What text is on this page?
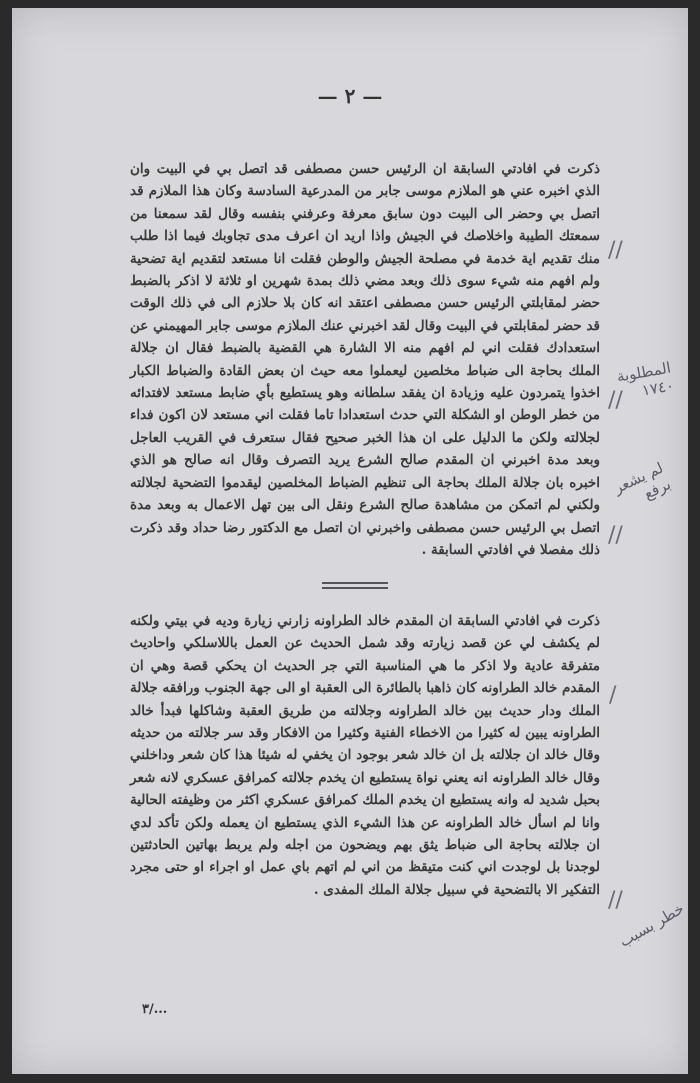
— ٢ —

ذكرت في افادتي السابقة ان الرئيس حسن مصطفى قد اتصل بي في البيت وان الذي اخبره عني هو الملازم موسى جابر من المدرعية السادسة وكان هذا الملازم قد اتصل بي وحضر الى البيت دون سابق معرفة وعرفني بنفسه وقال لقد سمعنا من سمعتك الطيبة واخلاصك في الجيش واذا اريد ان اعرف مدى تجاوبك فيما اذا طلب منك تقديم اية خدمة في مصلحة الجيش والوطن فقلت انا مستعد لتقديم اية تضحية ولم افهم منه شيء سوى ذلك وبعد مضي ذلك بمدة شهرين او ثلاثة لا اذكر بالضبط حضر لمقابلتي الرئيس حسن مصطفى اعتقد انه كان بلا حلازم الى في ذلك الوقت قد حضر لمقابلتي في البيت وقال لقد اخبرني عنك الملازم موسى جابر المهيمني عن استعدادك فقلت اني لم افهم منه الا الشارة هي القضية بالضبط فقال ان جلالة الملك بحاجة الى ضباط مخلصين ليعملوا معه حيث ان بعض القادة والضباط الكبار اخذوا يتمردون عليه وزيادة ان يفقد سلطانه وهو يستطيع بأي ضابط مستعد لافتدائه من خطر الوطن او الشكلة التي حدث استعدادا تاما فقلت اني مستعد لان اكون فداء لجلالته ولكن ما الدليل على ان هذا الخبر صحيح فقال ستعرف في القريب العاجل وبعد مدة اخبرني ان المقدم صالح الشرع يريد التصرف وقال انه صالح هو الذي اخبره بان جلالة الملك بحاجة الى تنظيم الضباط المخلصين ليقدموا التضحية لجلالته ولكني لم اتمكن من مشاهدة صالح الشرع ونقل الى بين تهل الاعمال به وبعد مدة اتصل بي الرئيس حسن مصطفى واخبرني ان اتصل مع الدكتور رضا حداد وقد ذكرت ذلك مفصلا في افادتي السابقة .

ذكرت في افادتي السابقة ان المقدم خالد الطراونه زارني زيارة وديه في بيتي ولكنه لم يكشف لي عن قصد زيارته وقد شمل الحديث عن العمل باللاسلكي واحاديث متفرقة عادية ولا اذكر ما هي المناسبة التي جر الحديث ان يحكي قصة وهي ان المقدم خالد الطراونه كان ذاهبا بالطائرة الى العقبة او الى جهة الجنوب ورافقه جلالة الملك ودار حديث بين خالد الطراونه وجلالته من طريق العقبة وشاكلها فبدأ خالد الطراونه يبين له كثيرا من الاخطاء الفنية وكثيرا من الافكار وقد سر جلالته من حديثه وقال خالد ان جلالته بل ان خالد شعر بوجود ان يخفي له شيئا هذا كان شعر وداخلني وقال خالد الطراونه انه يعني نواة يستطيع ان يخدم جلالته كمرافق عسكري لانه شعر بحبل شديد له وانه يستطيع ان يخدم الملك كمرافق عسكري اكثر من وظيفته الحالية وانا لم اسأل خالد الطراونه عن هذا الشيء الذي يستطيع ان يعمله ولكن تأكد لدي ان جلالته بحاجة الى ضباط يثق بهم ويضحون من اجله ولم يربط بهاتين الحادثتين لوجدنا بل لوجدت اني كنت متيقظ من اني لم اتهم باي عمل او اجراء او حتى مجرد التفكير الا بالتضحية في سبيل جلالة الملك المفدى .

٣/...
المطلوبة
١٧٤٠
لم يشعر
برفع
خطر بسبب
//
//
//
/
//
